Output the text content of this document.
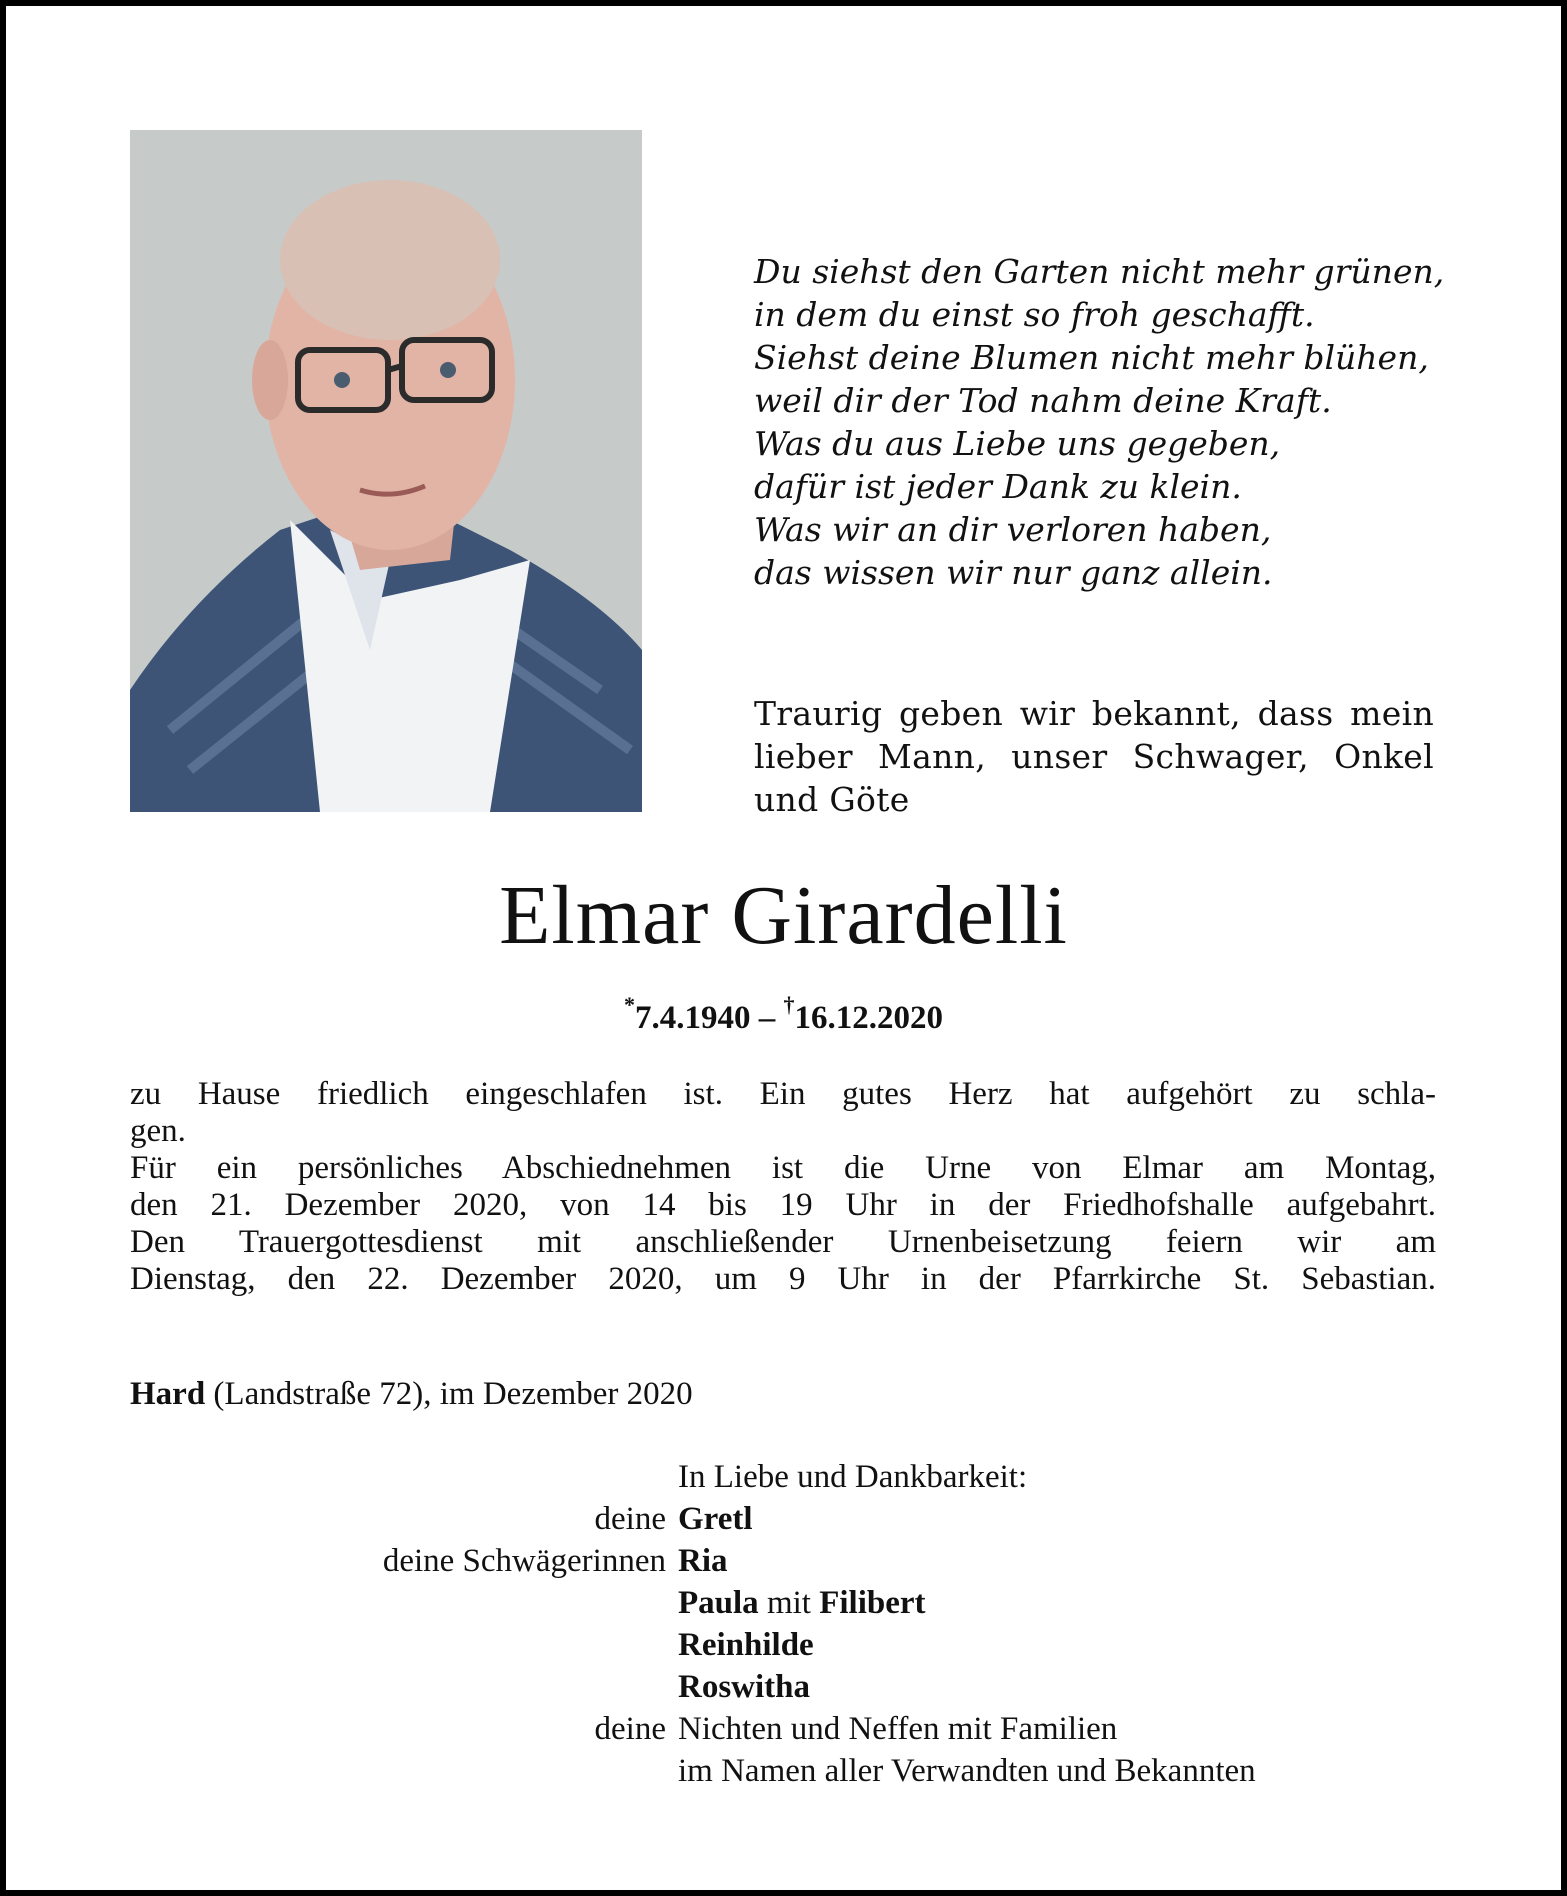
Du siehst den Garten nicht mehr grünen,
in dem du einst so froh geschafft.
Siehst deine Blumen nicht mehr blühen,
weil dir der Tod nahm deine Kraft.
Was du aus Liebe uns gegeben,
dafür ist jeder Dank zu klein.
Was wir an dir verloren haben,
das wissen wir nur ganz allein.
Traurig geben wir bekannt, dass mein
lieber Mann, unser Schwager, Onkel
und Göte
Elmar Girardelli
*7.4.1940 – †16.12.2020
zu Hause friedlich eingeschlafen ist. Ein gutes Herz hat aufgehört zu schla-
gen.
Für ein persönliches Abschiednehmen ist die Urne von Elmar am Montag,
den 21. Dezember 2020, von 14 bis 19 Uhr in der Friedhofshalle aufgebahrt.
Den Trauergottesdienst mit anschließender Urnenbeisetzung feiern wir am
Dienstag, den 22. Dezember 2020, um 9 Uhr in der Pfarrkirche St. Sebastian.
Hard (Landstraße 72), im Dezember 2020
In Liebe und Dankbarkeit:
deine Gretl
deine Schwägerinnen Ria
Paula mit Filibert
Reinhilde
Roswitha
deine Nichten und Neffen mit Familien
im Namen aller Verwandten und Bekannten
